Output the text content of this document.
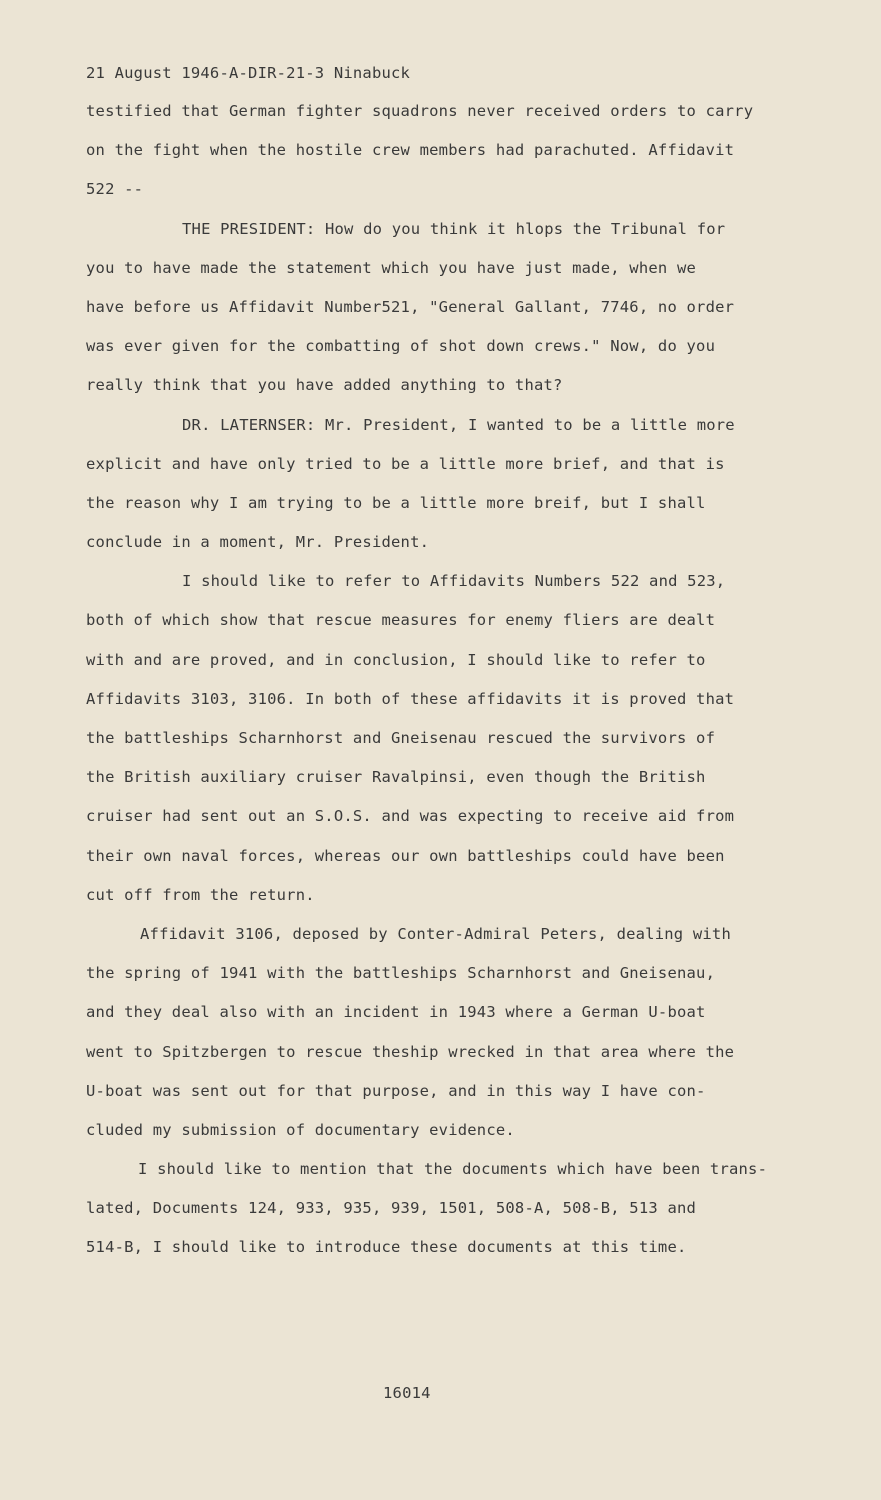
21 August 1946-A-DIR-21-3 Ninabuck
testified that German fighter squadrons never received orders to carry
on the fight when the hostile crew members had parachuted. Affidavit
522 --
THE PRESIDENT: How do you think it hlops the Tribunal for
you to have made the statement which you have just made, when we
have before us Affidavit Number521, "General Gallant, 7746, no order
was ever given for the combatting of shot down crews." Now, do you
really think that you have added anything to that?
DR. LATERNSER: Mr. President, I wanted to be a little more
explicit and have only tried to be a little more brief, and that is
the reason why I am trying to be a little more breif, but I shall
conclude in a moment, Mr. President.
I should like to refer to Affidavits Numbers 522 and 523,
both of which show that rescue measures for enemy fliers are dealt
with and are proved, and in conclusion, I should like to refer to
Affidavits 3103, 3106. In both of these affidavits it is proved that
the battleships Scharnhorst and Gneisenau rescued the survivors of
the British auxiliary cruiser Ravalpinsi, even though the British
cruiser had sent out an S.O.S. and was expecting to receive aid from
their own naval forces, whereas our own battleships could have been
cut off from the return.
Affidavit 3106, deposed by Conter-Admiral Peters, dealing with
the spring of 1941 with the battleships Scharnhorst and Gneisenau,
and they deal also with an incident in 1943 where a German U-boat
went to Spitzbergen to rescue theship wrecked in that area where the
U-boat was sent out for that purpose, and in this way I have con-
cluded my submission of documentary evidence.
I should like to mention that the documents which have been trans-
lated, Documents 124, 933, 935, 939, 1501, 508-A, 508-B, 513 and
514-B, I should like to introduce these documents at this time.
16014
